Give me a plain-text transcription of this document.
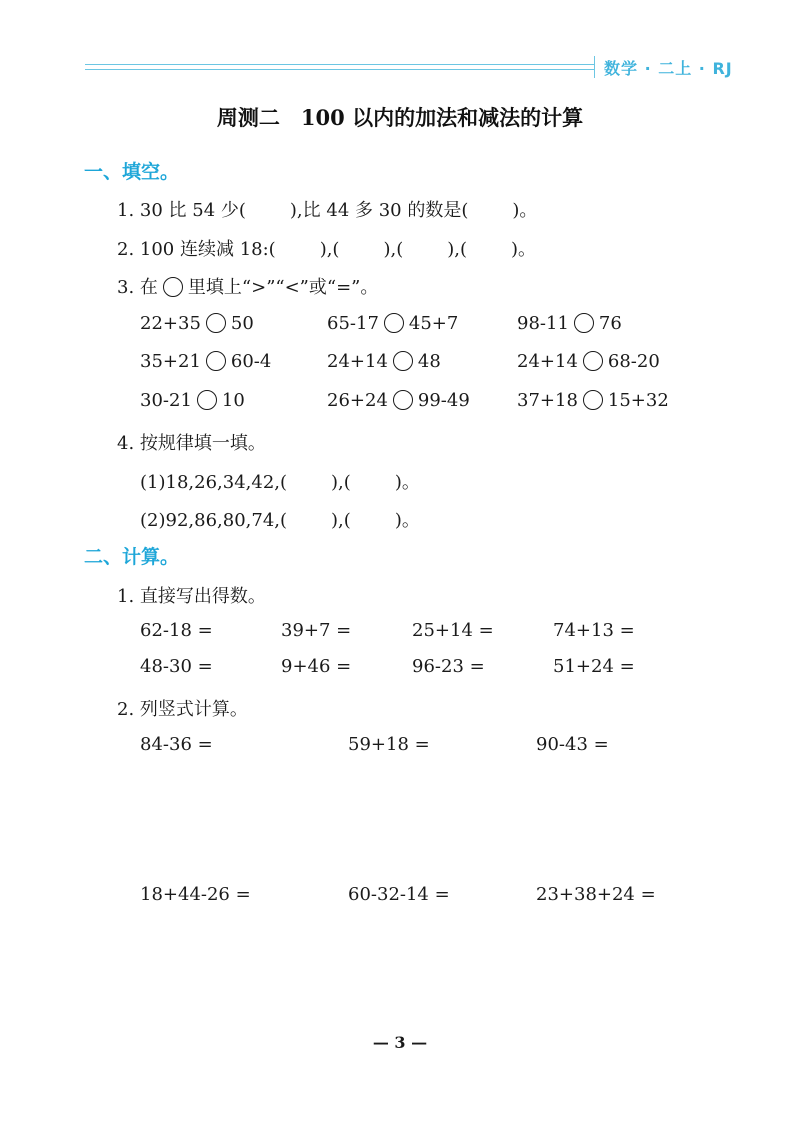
数学 · 二上 · RJ
周测二　100 以内的加法和减法的计算
一、填空。
1. 30 比 54 少( ),比 44 多 30 的数是( )。
2. 100 连续减 18:( ),( ),( ),( )。
3. 在 里填上“>”“<”或“=”。
22+35 50	65-17 45+7	98-11 76
35+21 60-4	24+14 48	24+14 68-20
30-21 10	26+24 99-49	37+18 15+32
4. 按规律填一填。
(1)18,26,34,42,( ),( )。
(2)92,86,80,74,( ),( )。
二、计算。
1. 直接写出得数。
62-18 =	39+7 =	25+14 =	74+13 =
48-30 =	9+46 =	96-23 =	51+24 =
2. 列竖式计算。
84-36 =	59+18 =	90-43 =
18+44-26 =	60-32-14 =	23+38+24 =
— 3 —
